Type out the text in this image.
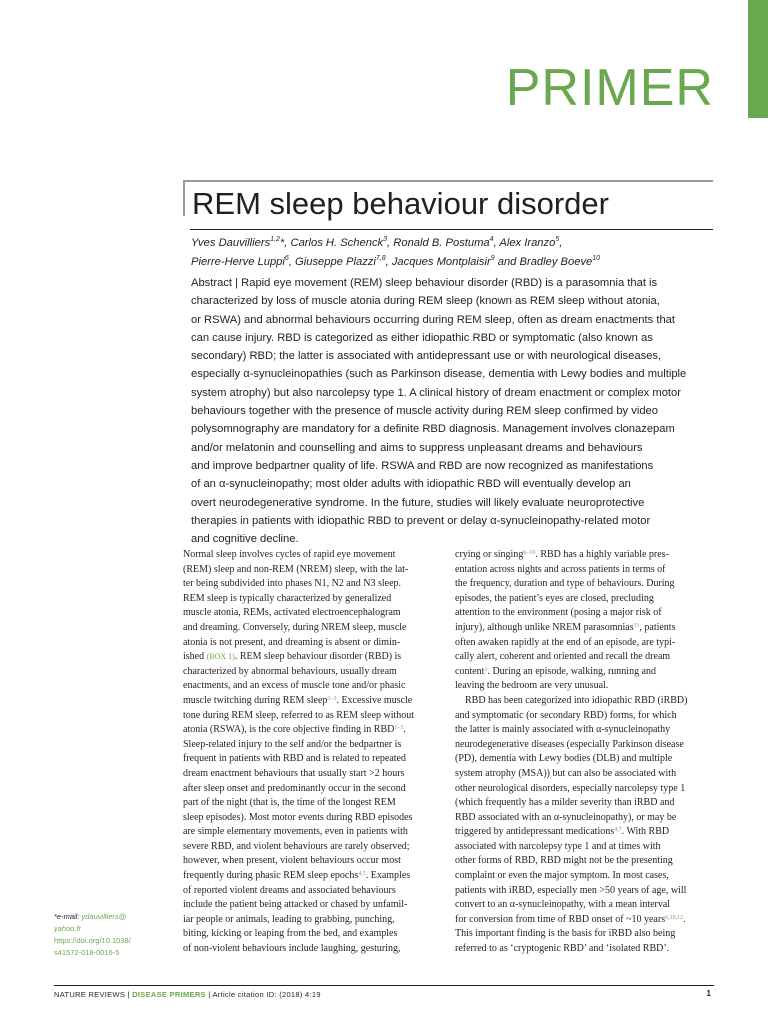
PRIMER
REM sleep behaviour disorder
Yves Dauvilliers$^{1,2}$*, Carlos H. Schenck$^3$, Ronald B. Postuma$^4$, Alex Iranzo$^5$,
Pierre-Herve Luppi$^6$, Giuseppe Plazzi$^{7,8}$, Jacques Montplaisir$^9$ and Bradley Boeve$^{10}$
Abstract | Rapid eye movement (REM) sleep behaviour disorder (RBD) is a parasomnia that is
characterized by loss of muscle atonia during REM sleep (known as REM sleep without atonia,
or RSWA) and abnormal behaviours occurring during REM sleep, often as dream enactments that
can cause injury. RBD is categorized as either idiopathic RBD or symptomatic (also known as
secondary) RBD; the latter is associated with antidepressant use or with neurological diseases,
especially α-synucleinopathies (such as Parkinson disease, dementia with Lewy bodies and multiple
system atrophy) but also narcolepsy type 1. A clinical history of dream enactment or complex motor
behaviours together with the presence of muscle activity during REM sleep confirmed by video
polysomnography are mandatory for a definite RBD diagnosis. Management involves clonazepam
and/or melatonin and counselling and aims to suppress unpleasant dreams and behaviours
and improve bedpartner quality of life. RSWA and RBD are now recognized as manifestations
of an α-synucleinopathy; most older adults with idiopathic RBD will eventually develop an
overt neurodegenerative syndrome. In the future, studies will likely evaluate neuroprotective
therapies in patients with idiopathic RBD to prevent or delay α-synucleinopathy-related motor
and cognitive decline.
*e-mail: ydauvilliers@
yahoo.fr
https://doi.org/10.1038/
s41572-018-0016-5
Normal sleep involves cycles of rapid eye movement
(REM) sleep and non-REM (NREM) sleep, with the lat-
ter being subdivided into phases N1, N2 and N3 sleep.
REM sleep is typically characterized by generalized
muscle atonia, REMs, activated electroencephalogram
and dreaming. Conversely, during NREM sleep, muscle
atonia is not present, and dreaming is absent or dimin-
ished (BOX 1). REM sleep behaviour disorder (RBD) is
characterized by abnormal behaviours, usually dream
enactments, and an excess of muscle tone and/or phasic
muscle twitching during REM sleep$^{1-3}$. Excessive muscle
tone during REM sleep, referred to as REM sleep without
atonia (RSWA), is the core objective finding in RBD$^{1-3}$.
Sleep-related injury to the self and/or the bedpartner is
frequent in patients with RBD and is related to repeated
dream enactment behaviours that usually start >2 hours
after sleep onset and predominantly occur in the second
part of the night (that is, the time of the longest REM
sleep episodes). Most motor events during RBD episodes
are simple elementary movements, even in patients with
severe RBD, and violent behaviours are rarely observed;
however, when present, violent behaviours occur most
frequently during phasic REM sleep epochs$^{4,5}$. Examples
of reported violent dreams and associated behaviours
include the patient being attacked or chased by unfamil-
iar people or animals, leading to grabbing, punching,
biting, kicking or leaping from the bed, and examples
of non-violent behaviours include laughing, gesturing,
crying or singing$^{6-10}$. RBD has a highly variable pres-
entation across nights and across patients in terms of
the frequency, duration and type of behaviours. During
episodes, the patient’s eyes are closed, precluding
attention to the environment (posing a major risk of
injury), although unlike NREM parasomnias$^{11}$, patients
often awaken rapidly at the end of an episode, are typi-
cally alert, coherent and oriented and recall the dream
content$^1$. During an episode, walking, running and
leaving the bedroom are very unusual.
RBD has been categorized into idiopathic RBD (iRBD)
and symptomatic (or secondary RBD) forms, for which
the latter is mainly associated with α-synucleinopathy
neurodegenerative diseases (especially Parkinson disease
(PD), dementia with Lewy bodies (DLB) and multiple
system atrophy (MSA)) but can also be associated with
other neurological disorders, especially narcolepsy type 1
(which frequently has a milder severity than iRBD and
RBD associated with an α-synucleinopathy), or may be
triggered by antidepressant medications$^{4,7}$. With RBD
associated with narcolepsy type 1 and at times with
other forms of RBD, RBD might not be the presenting
complaint or even the major symptom. In most cases,
patients with iRBD, especially men >50 years of age, will
convert to an α-synucleinopathy, with a mean interval
for conversion from time of RBD onset of ~10 years$^{6,10,12}$.
This important finding is the basis for iRBD also being
referred to as ‘cryptogenic RBD’ and ‘isolated RBD’.
NATURE REVIEWS | DISEASE PRIMERS | Article citation ID: (2018) 4:19	1
